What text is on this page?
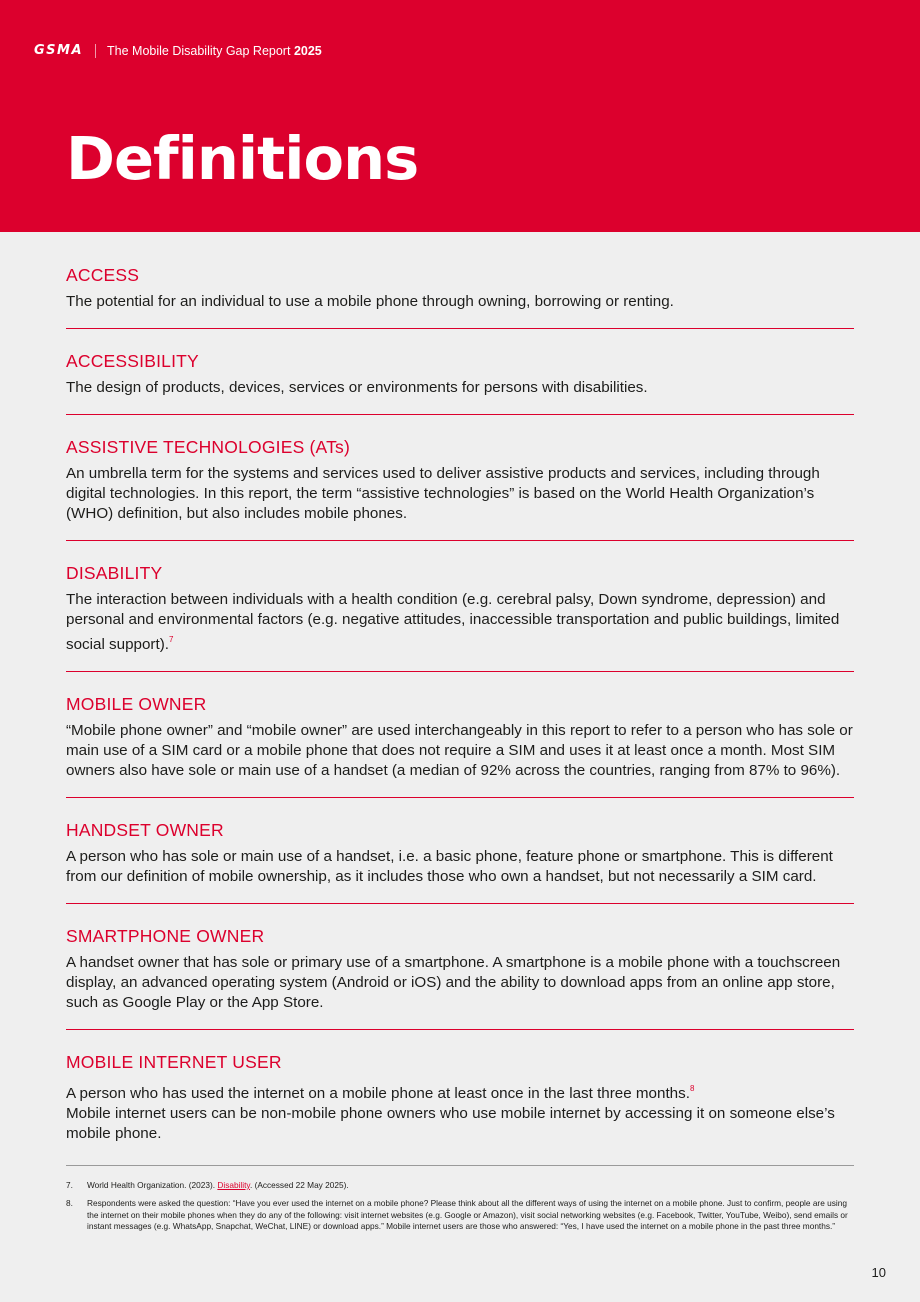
GSMA The Mobile Disability Gap Report 2025
Definitions
ACCESS
The potential for an individual to use a mobile phone through owning, borrowing or renting.
ACCESSIBILITY
The design of products, devices, services or environments for persons with disabilities.
ASSISTIVE TECHNOLOGIES (ATs)
An umbrella term for the systems and services used to deliver assistive products and services, including through digital technologies. In this report, the term “assistive technologies” is based on the World Health Organization’s (WHO) definition, but also includes mobile phones.
DISABILITY
The interaction between individuals with a health condition (e.g. cerebral palsy, Down syndrome, depression) and personal and environmental factors (e.g. negative attitudes, inaccessible transportation and public buildings, limited social support).$^7$
MOBILE OWNER
“Mobile phone owner” and “mobile owner” are used interchangeably in this report to refer to a person who has sole or main use of a SIM card or a mobile phone that does not require a SIM and uses it at least once a month. Most SIM owners also have sole or main use of a handset (a median of 92% across the countries, ranging from 87% to 96%).
HANDSET OWNER
A person who has sole or main use of a handset, i.e. a basic phone, feature phone or smartphone. This is different from our definition of mobile ownership, as it includes those who own a handset, but not necessarily a SIM card.
SMARTPHONE OWNER
A handset owner that has sole or primary use of a smartphone. A smartphone is a mobile phone with a touchscreen display, an advanced operating system (Android or iOS) and the ability to download apps from an online app store, such as Google Play or the App Store.
MOBILE INTERNET USER
A person who has used the internet on a mobile phone at least once in the last three months.$^8$
Mobile internet users can be non-mobile phone owners who use mobile internet by accessing it on someone else’s mobile phone.
7.	World Health Organization. (2023). Disability. (Accessed 22 May 2025).
8.	Respondents were asked the question: “Have you ever used the internet on a mobile phone? Please think about all the different ways of using the internet on a mobile phone. Just to confirm, people are using the internet on their mobile phones when they do any of the following: visit internet websites (e.g. Google or Amazon), visit social networking websites (e.g. Facebook, Twitter, YouTube, Weibo), send emails or instant messages (e.g. WhatsApp, Snapchat, WeChat, LINE) or download apps.” Mobile internet users are those who answered: “Yes, I have used the internet on a mobile phone in the past three months.”
10
